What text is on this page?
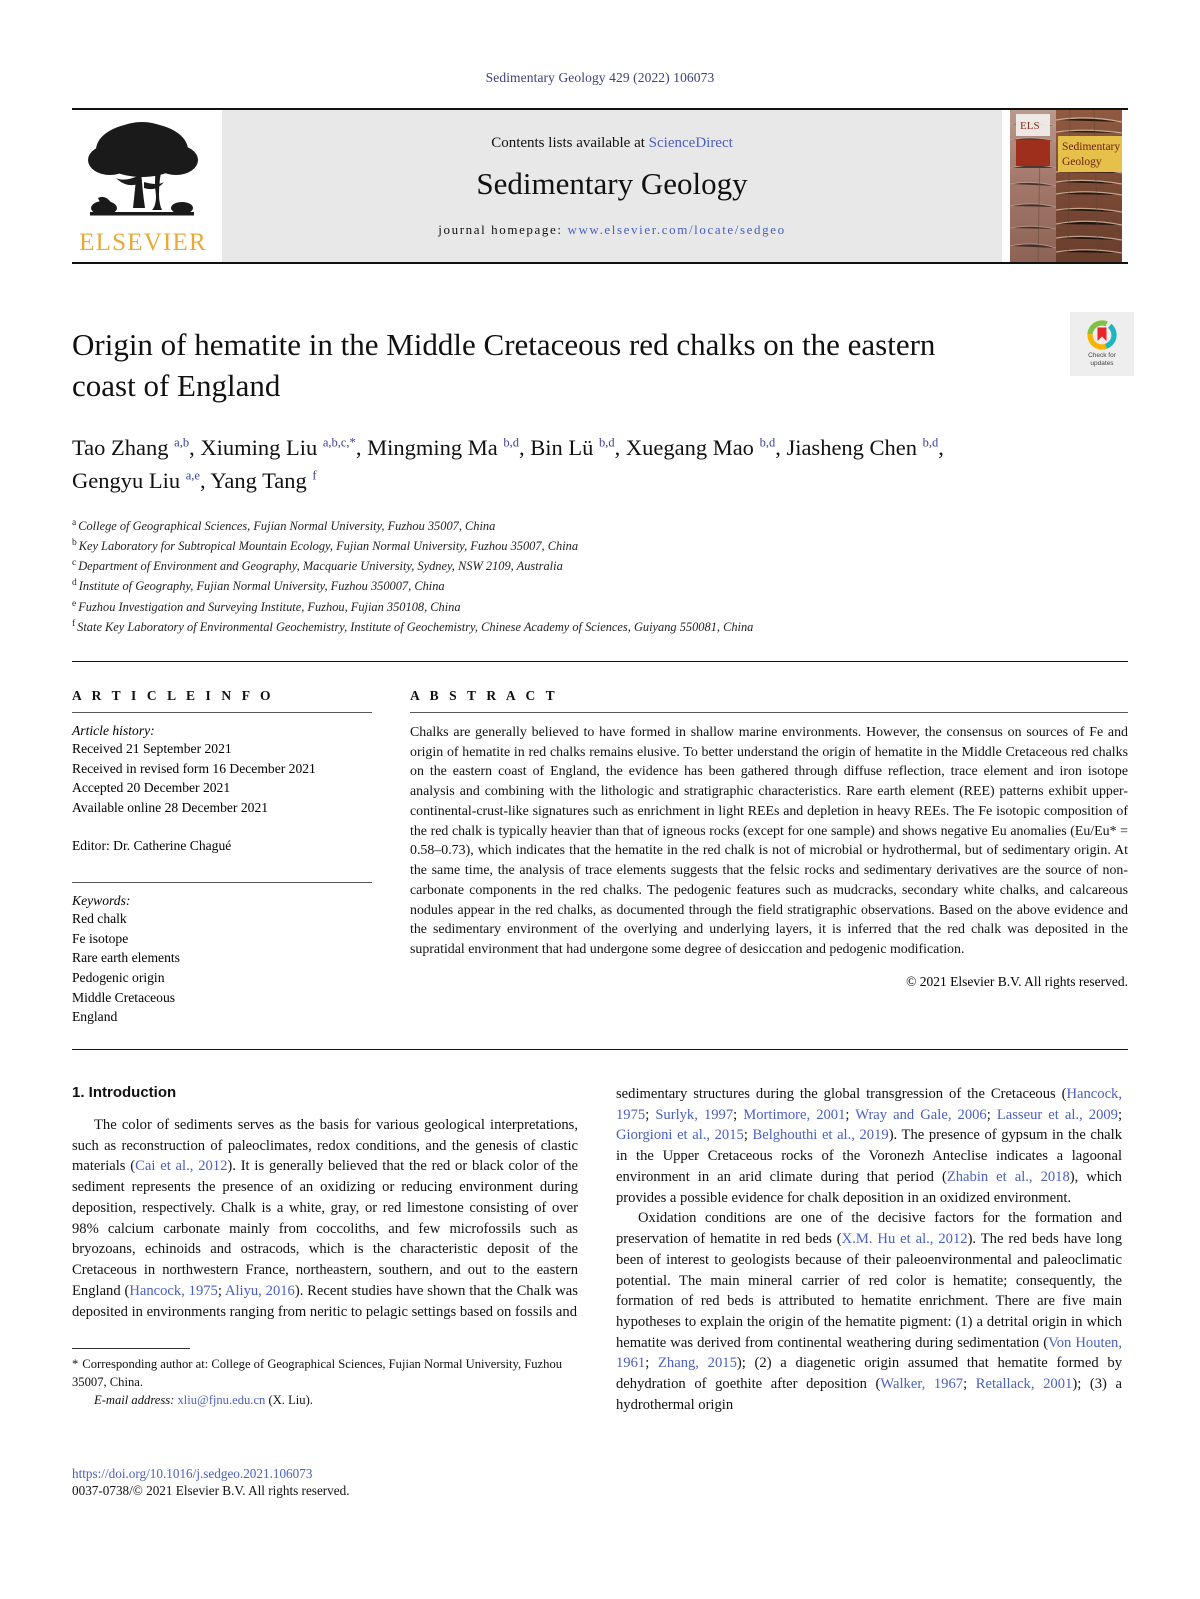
Sedimentary Geology 429 (2022) 106073
ELSEVIER
Contents lists available at ScienceDirect
Sedimentary Geology
journal homepage: www.elsevier.com/locate/sedgeo
ELS
Sedimentary
Geology
Check for
updates
Origin of hematite in the Middle Cretaceous red chalks on the eastern coast of England
Tao Zhang $^{a,b}$, Xiuming Liu $^{a,b,c,*}$, Mingming Ma $^{b,d}$, Bin Lü $^{b,d}$, Xuegang Mao $^{b,d}$, Jiasheng Chen $^{b,d}$, Gengyu Liu $^{a,e}$, Yang Tang $^f$
$^a$ College of Geographical Sciences, Fujian Normal University, Fuzhou 35007, China
$^b$ Key Laboratory for Subtropical Mountain Ecology, Fujian Normal University, Fuzhou 35007, China
$^c$ Department of Environment and Geography, Macquarie University, Sydney, NSW 2109, Australia
$^d$ Institute of Geography, Fujian Normal University, Fuzhou 350007, China
$^e$ Fuzhou Investigation and Surveying Institute, Fuzhou, Fujian 350108, China
$^f$ State Key Laboratory of Environmental Geochemistry, Institute of Geochemistry, Chinese Academy of Sciences, Guiyang 550081, China
A R T I C L E I N F O
Article history:
Received 21 September 2021
Received in revised form 16 December 2021
Accepted 20 December 2021
Available online 28 December 2021
Editor: Dr. Catherine Chagué
Keywords:
Red chalk
Fe isotope
Rare earth elements
Pedogenic origin
Middle Cretaceous
England
A B S T R A C T
Chalks are generally believed to have formed in shallow marine environments. However, the consensus on sources of Fe and origin of hematite in red chalks remains elusive. To better understand the origin of hematite in the Middle Cretaceous red chalks on the eastern coast of England, the evidence has been gathered through diffuse reflection, trace element and iron isotope analysis and combining with the lithologic and stratigraphic characteristics. Rare earth element (REE) patterns exhibit upper-continental-crust-like signatures such as enrichment in light REEs and depletion in heavy REEs. The Fe isotopic composition of the red chalk is typically heavier than that of igneous rocks (except for one sample) and shows negative Eu anomalies (Eu/Eu* = 0.58–0.73), which indicates that the hematite in the red chalk is not of microbial or hydrothermal, but of sedimentary origin. At the same time, the analysis of trace elements suggests that the felsic rocks and sedimentary derivatives are the source of non-carbonate components in the red chalks. The pedogenic features such as mudcracks, secondary white chalks, and calcareous nodules appear in the red chalks, as documented through the field stratigraphic observations. Based on the above evidence and the sedimentary environment of the overlying and underlying layers, it is inferred that the red chalk was deposited in the supratidal environment that had undergone some degree of desiccation and pedogenic modification.
© 2021 Elsevier B.V. All rights reserved.
1. Introduction

The color of sediments serves as the basis for various geological interpretations, such as reconstruction of paleoclimates, redox conditions, and the genesis of clastic materials (Cai et al., 2012). It is generally believed that the red or black color of the sediment represents the presence of an oxidizing or reducing environment during deposition, respectively. Chalk is a white, gray, or red limestone consisting of over 98% calcium carbonate mainly from coccoliths, and few microfossils such as bryozoans, echinoids and ostracods, which is the characteristic deposit of the Cretaceous in northwestern France, northeastern, southern, and out to the eastern England (Hancock, 1975; Aliyu, 2016). Recent studies have shown that the Chalk was deposited in environments ranging from neritic to pelagic settings based on fossils and

* Corresponding author at: College of Geographical Sciences, Fujian Normal University, Fuzhou 35007, China.
E-mail address: xliu@fjnu.edu.cn (X. Liu).

sedimentary structures during the global transgression of the Cretaceous (Hancock, 1975; Surlyk, 1997; Mortimore, 2001; Wray and Gale, 2006; Lasseur et al., 2009; Giorgioni et al., 2015; Belghouthi et al., 2019). The presence of gypsum in the chalk in the Upper Cretaceous rocks of the Voronezh Anteclise indicates a lagoonal environment in an arid climate during that period (Zhabin et al., 2018), which provides a possible evidence for chalk deposition in an oxidized environment.

Oxidation conditions are one of the decisive factors for the formation and preservation of hematite in red beds (X.M. Hu et al., 2012). The red beds have long been of interest to geologists because of their paleoenvironmental and paleoclimatic potential. The main mineral carrier of red color is hematite; consequently, the formation of red beds is attributed to hematite enrichment. There are five main hypotheses to explain the origin of the hematite pigment: (1) a detrital origin in which hematite was derived from continental weathering during sedimentation (Von Houten, 1961; Zhang, 2015); (2) a diagenetic origin assumed that hematite formed by dehydration of goethite after deposition (Walker, 1967; Retallack, 2001); (3) a hydrothermal origin

https://doi.org/10.1016/j.sedgeo.2021.106073
0037-0738/© 2021 Elsevier B.V. All rights reserved.
